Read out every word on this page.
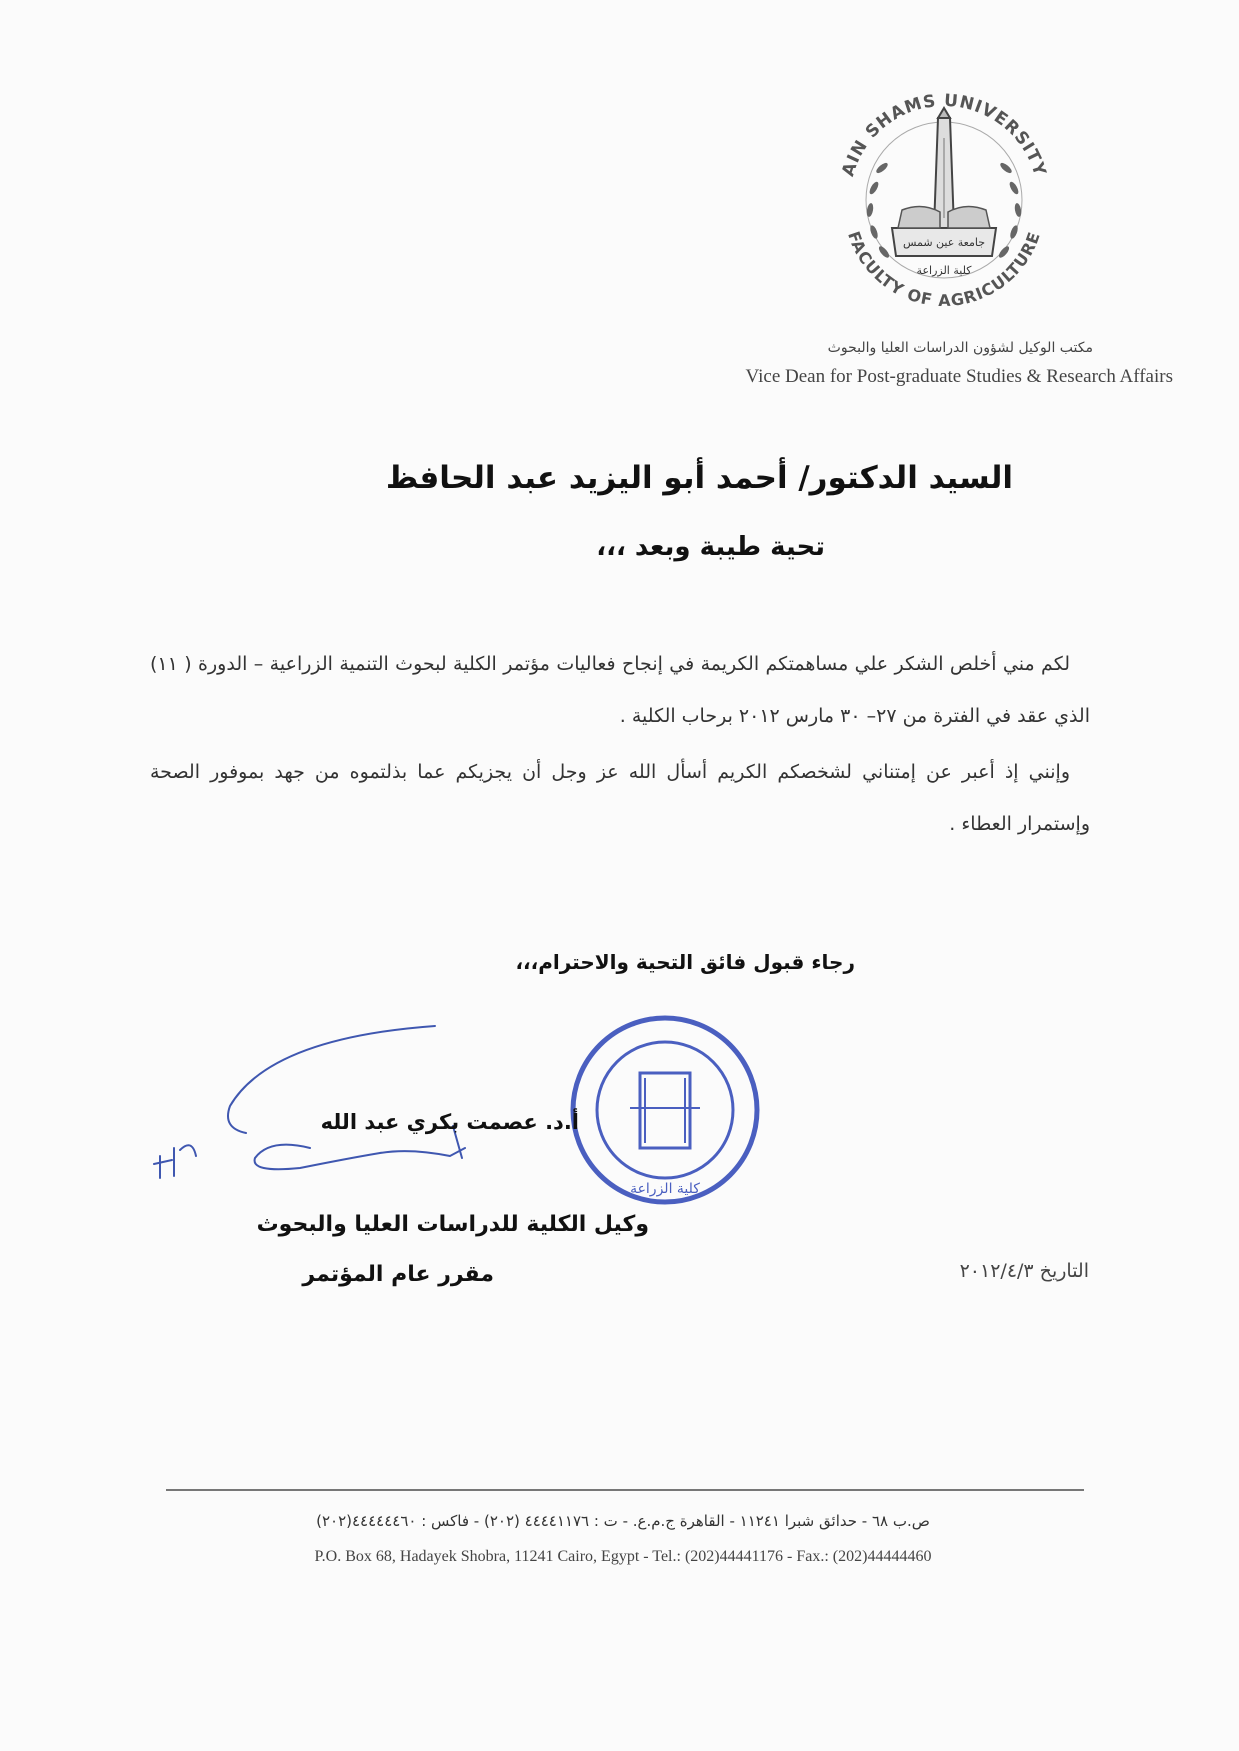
جامعة عين شمس
كلية الزراعة
AIN SHAMS UNIVERSITY
FACULTY OF AGRICULTURE
مكتب الوكيل لشؤون الدراسات العليا والبحوث
Vice Dean for Post-graduate Studies & Research Affairs
السيد الدكتور/ أحمد أبو اليزيد عبد الحافظ
تحية طيبة وبعد ،،،

لكم مني أخلص الشكر علي مساهمتكم الكريمة في إنجاح فعاليات مؤتمر الكلية لبحوث التنمية الزراعية – الدورة ( ١١) الذي عقد في الفترة من ٢٧– ٣٠ مارس ٢٠١٢ برحاب الكلية .

وإنني إذ أعبر عن إمتناني لشخصكم الكريم أسأل الله عز وجل أن يجزيكم عما بذلتموه من جهد بموفور الصحة وإستمرار العطاء .

رجاء قبول فائق التحية والاحترام،،،
كلية الزراعة
أ.د. عصمت بكري عبد الله
وكيل الكلية للدراسات العليا والبحوث
مقرر عام المؤتمر	التاريخ ٢٠١٢/٤/٣
ص.ب ٦٨ - حدائق شبرا ١١٢٤١ - القاهرة ج.م.ع. - ت : ٤٤٤٤١١٧٦ (٢٠٢) - فاكس : ٤٤٤٤٤٤٦٠(٢٠٢)
P.O. Box 68, Hadayek Shobra, 11241 Cairo, Egypt - Tel.: (202)44441176 - Fax.: (202)44444460
